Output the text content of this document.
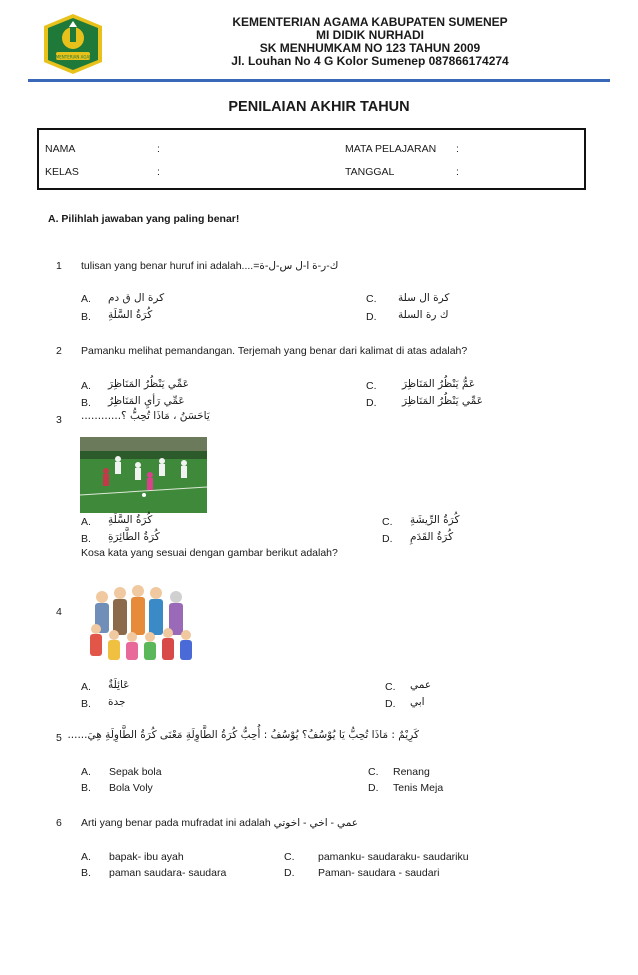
KEMENTERIAN AGAMA
KEMENTERIAN AGAMA KABUPATEN SUMENEP
MI DIDIK NURHADI
SK MENHUMKAM NO 123 TAHUN 2009
Jl. Louhan No 4 G Kolor Sumenep 087866174274
PENILAIAN AKHIR TAHUN
NAMA	:
KELAS	:
MATA PELAJARAN :
TANGGAL	:
A. Pilihlah jawaban yang paling benar!
1 tulisan yang benar huruf ini adalah....=ك-ر-ة ا-ل س-ل-ة
A. كرة ال ق دم
B. كُرَةُ السَّلَةِ
C. كرة ال سلة
D. ك رة السلة
2 Pamanku melihat pemandangan. Terjemah yang benar dari kalimat di atas adalah?
A. عَمِّي يَنْظُرُ المَنَاظِرَ
B. عَمِّي رَأيِ المَنَاظِرُ
C. عَمُّ يَنْظُرُ المَنَاظِرَ
D. عَمِّي يَنْظُرُ المَنَاظِرَ
3 يَاحَسَنُ ، مَاذَا تُحِبُّ ؟............
A. كُرَةُ السَّلَةِ
B. كُرَةُ الطَّائِرَةِ
C. كُرَةُ الرِّيشَةِ
D. كُرَةُ القَدَمِ
Kosa kata yang sesuai dengan gambar berikut adalah?
4
A. عَائِلَةٌ
B. جدة
C. عمي
D. ابي
5 كَرِيْمٌ : مَاذَا تُحِبُّ يَا يُوْسُفُ؟ يُوْسُفُ : أُحِبُّ كُرَةُ الطَّاوِلَةِ مَعْنَى كُرَةُ الطَّاوِلَةِ هِيَ......
A. Sepak bola
B. Bola Voly
C. Renang
D. Tenis Meja
6 Arti yang benar pada mufradat ini adalah عمي - اخي - اخوتي
A. bapak- ibu ayah
B. paman saudara- saudara
C. pamanku- saudaraku- saudariku
D. Paman- saudara - saudari
